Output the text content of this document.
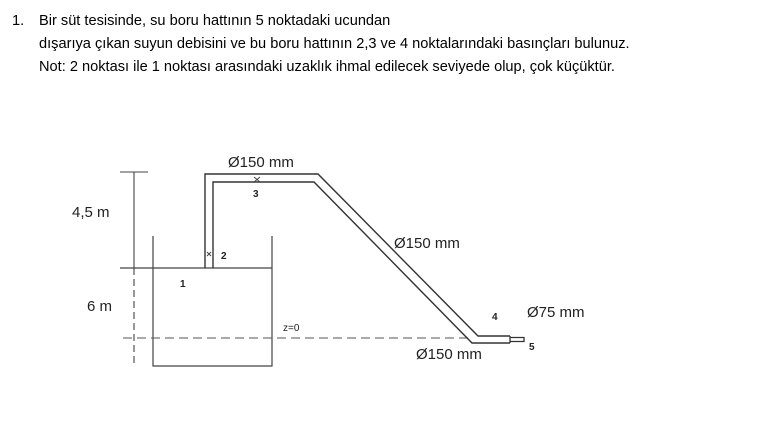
1. Bir süt tesisinde, su boru hattının 5 noktadaki ucundan
dışarıya çıkan suyun debisini ve bu boru hattının 2,3 ve 4 noktalarındaki basınçları bulunuz.
Not: 2 noktası ile 1 noktası arasındaki uzaklık ihmal edilecek seviyede olup, çok küçüktür.
4,5 m
6 m
Ø150 mm
Ø150 mm
Ø150 mm
Ø75 mm
z=0
1
2
3
4
5
